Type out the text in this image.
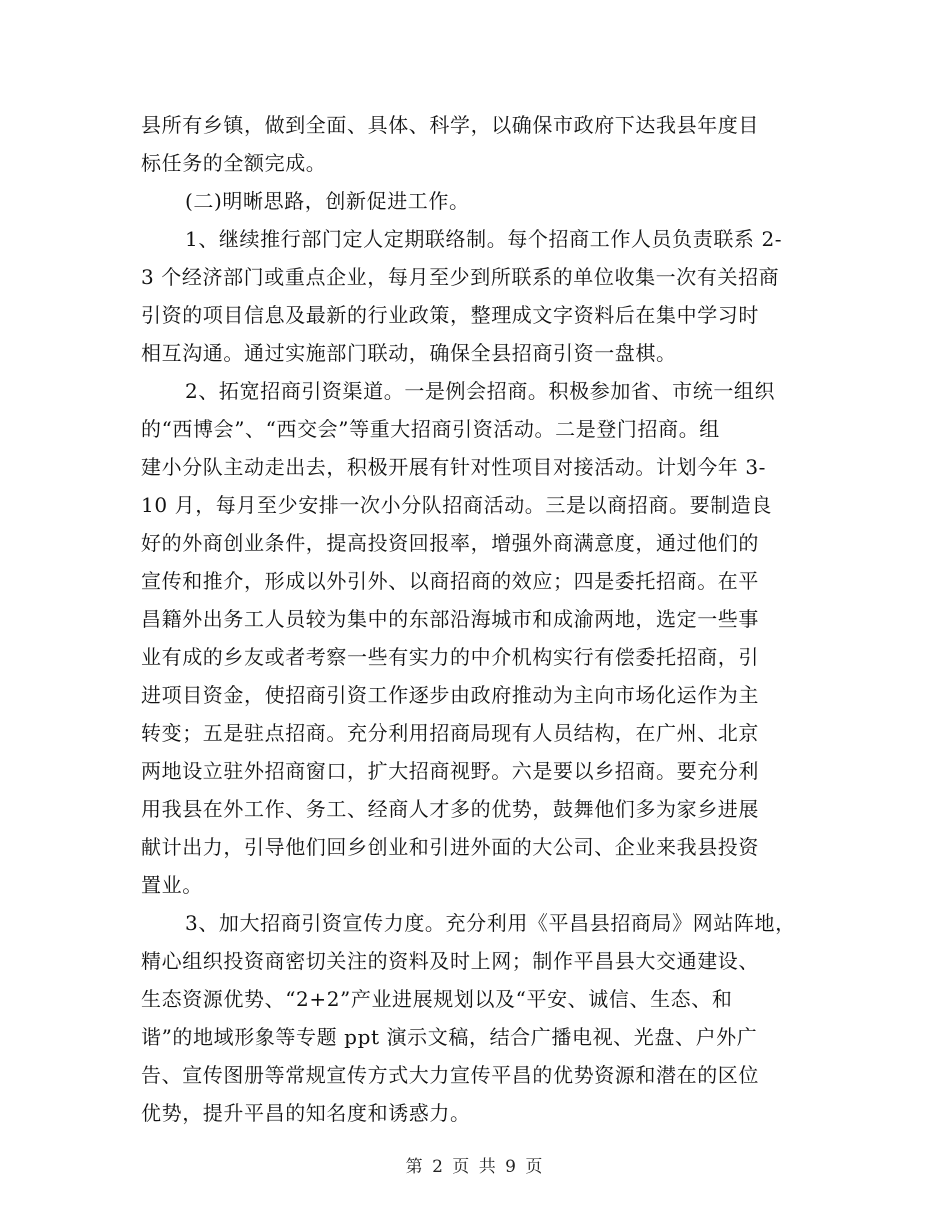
县所有乡镇，做到全面、具体、科学，以确保市政府下达我县年度目
标任务的全额完成。
(二)明晰思路，创新促进工作。
1、继续推行部门定人定期联络制。每个招商工作人员负责联系 2-
3 个经济部门或重点企业，每月至少到所联系的单位收集一次有关招商
引资的项目信息及最新的行业政策，整理成文字资料后在集中学习时
相互沟通。通过实施部门联动，确保全县招商引资一盘棋。
2、拓宽招商引资渠道。一是例会招商。积极参加省、市统一组织
的“西博会”、“西交会”等重大招商引资活动。二是登门招商。组
建小分队主动走出去，积极开展有针对性项目对接活动。计划今年 3-
10 月，每月至少安排一次小分队招商活动。三是以商招商。要制造良
好的外商创业条件，提高投资回报率，增强外商满意度，通过他们的
宣传和推介，形成以外引外、以商招商的效应；四是委托招商。在平
昌籍外出务工人员较为集中的东部沿海城市和成渝两地，选定一些事
业有成的乡友或者考察一些有实力的中介机构实行有偿委托招商，引
进项目资金，使招商引资工作逐步由政府推动为主向市场化运作为主
转变；五是驻点招商。充分利用招商局现有人员结构，在广州、北京
两地设立驻外招商窗口，扩大招商视野。六是要以乡招商。要充分利
用我县在外工作、务工、经商人才多的优势，鼓舞他们多为家乡进展
献计出力，引导他们回乡创业和引进外面的大公司、企业来我县投资
置业。
3、加大招商引资宣传力度。充分利用《平昌县招商局》网站阵地，
精心组织投资商密切关注的资料及时上网；制作平昌县大交通建设、
生态资源优势、“2+2”产业进展规划以及“平安、诚信、生态、和
谐”的地域形象等专题 ppt 演示文稿，结合广播电视、光盘、户外广
告、宣传图册等常规宣传方式大力宣传平昌的优势资源和潜在的区位
优势，提升平昌的知名度和诱惑力。
第 2 页 共 9 页
